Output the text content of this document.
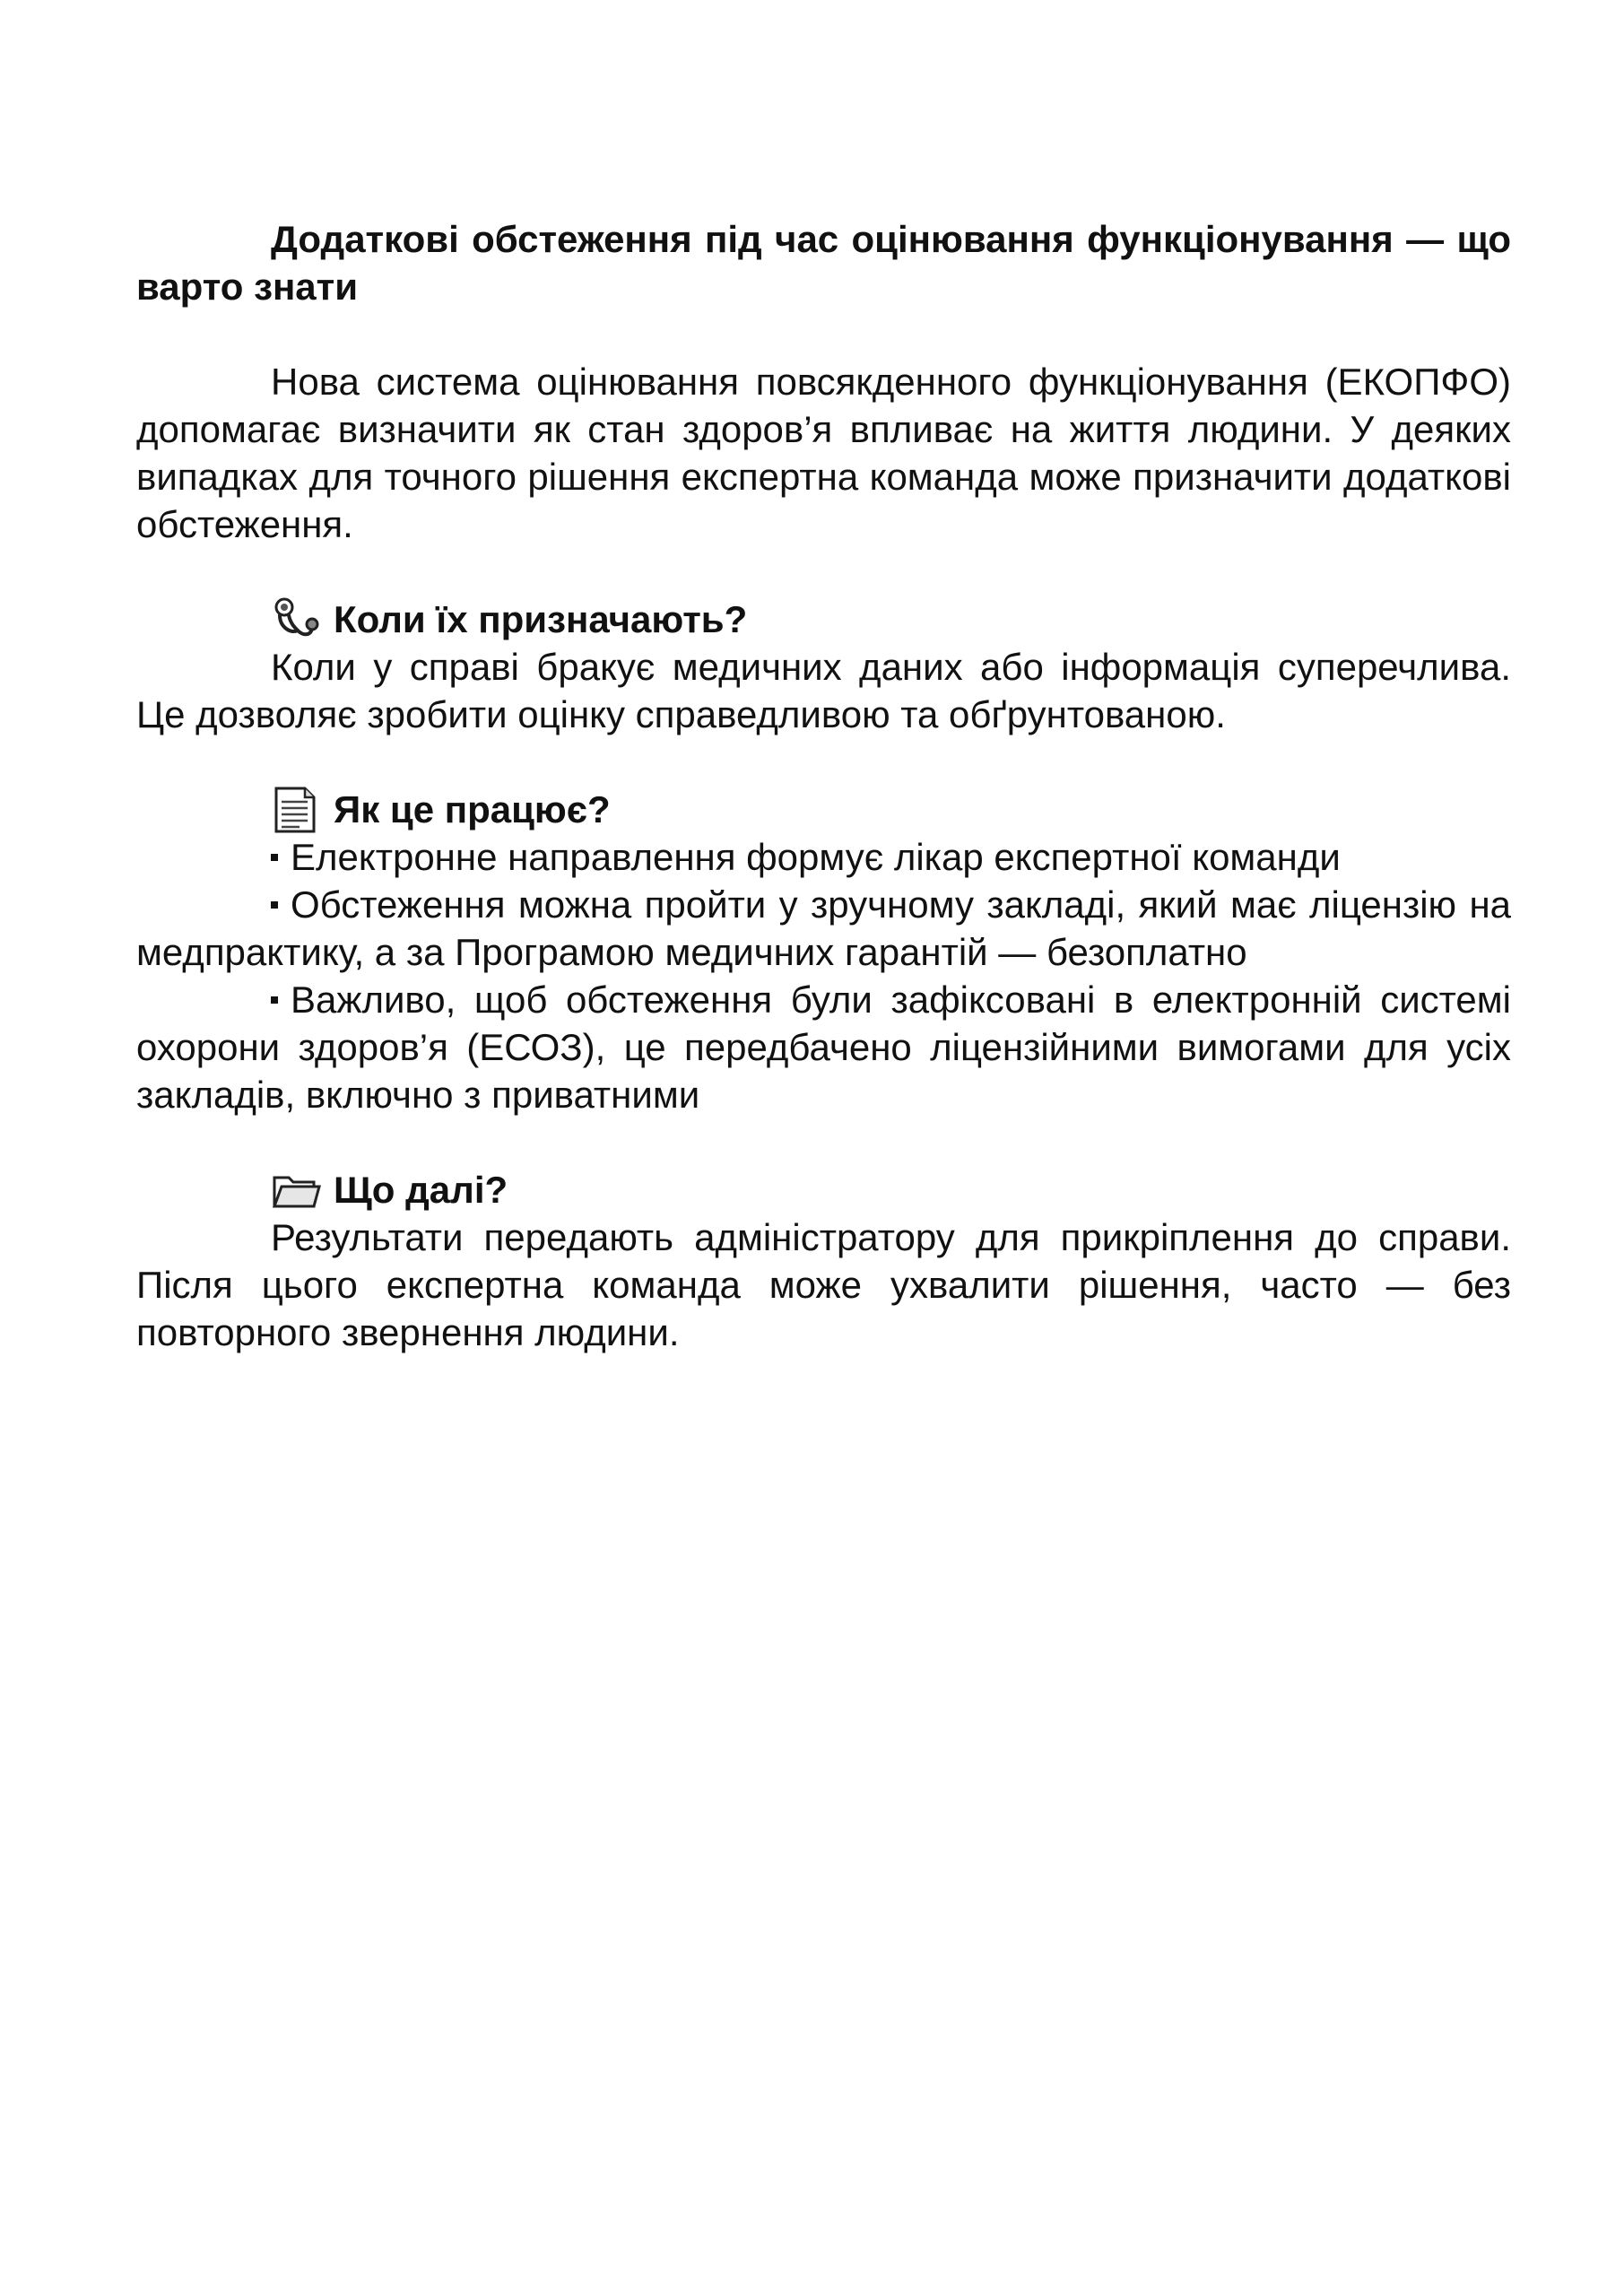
Додаткові обстеження під час оцінювання функціонування — що варто знати

Нова система оцінювання повсякденного функціонування (ЕКОПФО) допомагає визначити як стан здоров’я впливає на життя людини. У деяких випадках для точного рішення експертна команда може призначити додаткові обстеження.

Коли їх призначають?

Коли у справі бракує медичних даних або інформація суперечлива. Це дозволяє зробити оцінку справедливою та обґрунтованою.

Як це працює?

Електронне направлення формує лікар експертної команди

Обстеження можна пройти у зручному закладі, який має ліцензію на медпрактику, а за Програмою медичних гарантій — безоплатно

Важливо, щоб обстеження були зафіксовані в електронній системі охорони здоров’я (ЕСОЗ), це передбачено ліцензійними вимогами для усіх закладів, включно з приватними

Що далі?

Результати передають адміністратору для прикріплення до справи. Після цього експертна команда може ухвалити рішення, часто — без повторного звернення людини.
